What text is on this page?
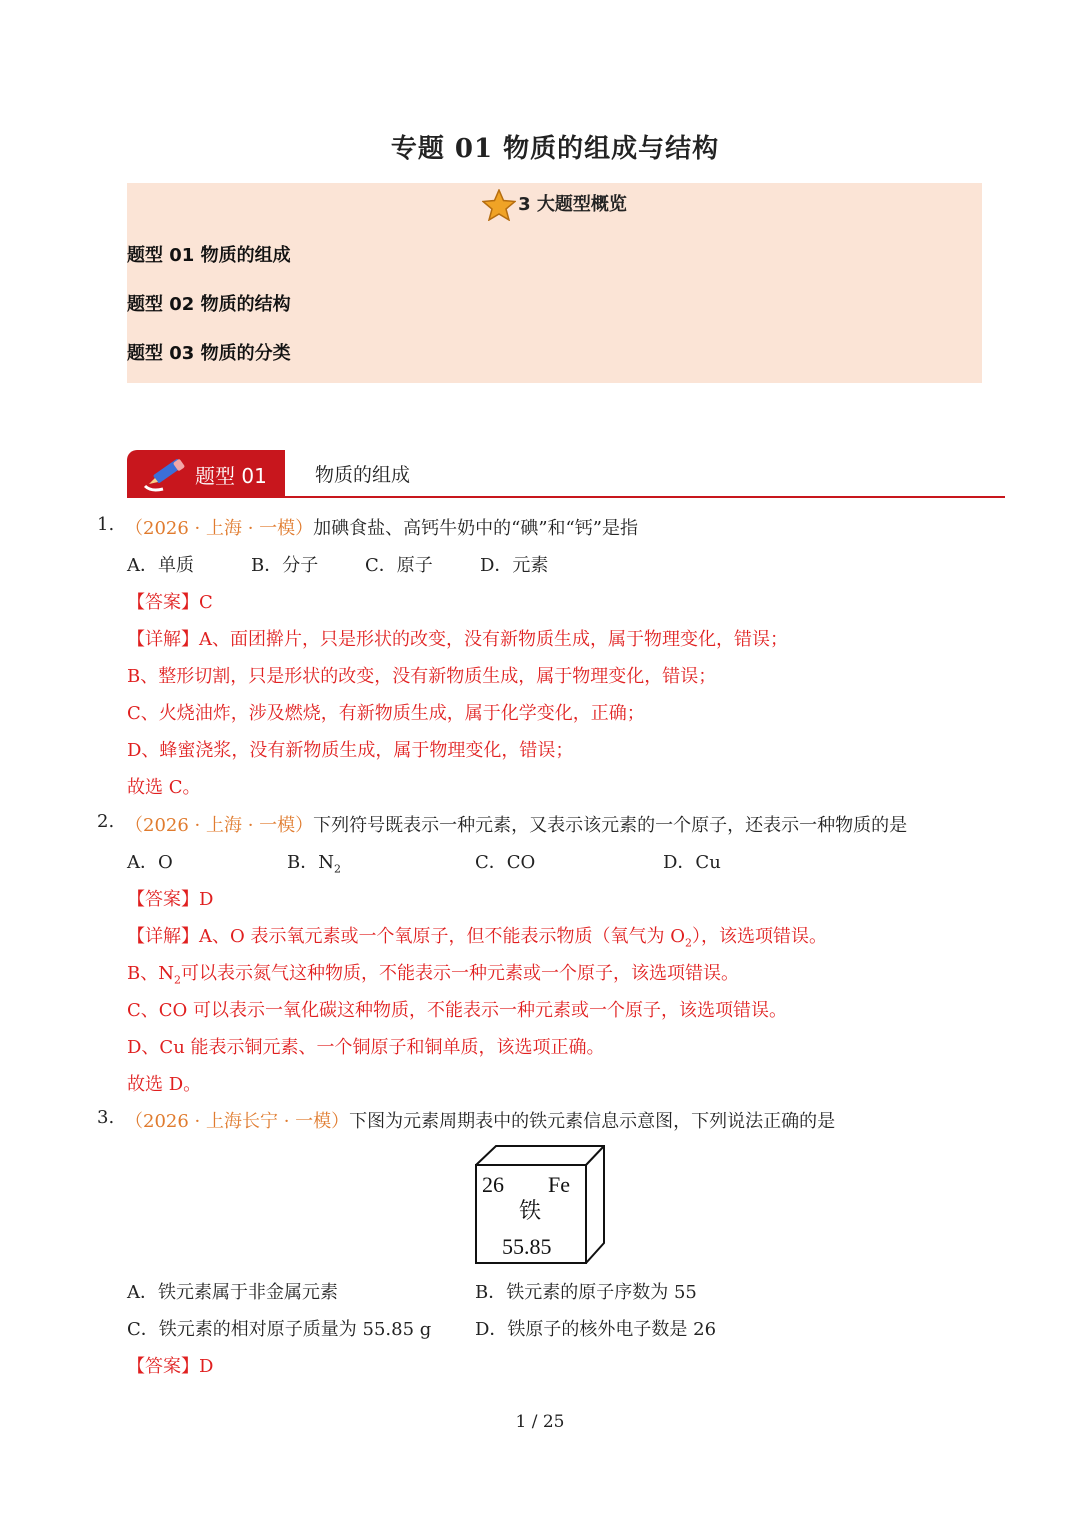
专题 01 物质的组成与结构
3 大题型概览
题型 01 物质的组成
题型 02 物质的结构
题型 03 物质的分类
题型 01	物质的组成
1. （2026 · 上海 · 一模）加碘食盐、高钙牛奶中的“碘”和“钙”是指
A．单质	B．分子	C．原子	D．元素
【答案】C
【详解】A、面团擀片，只是形状的改变，没有新物质生成，属于物理变化，错误；
B、整形切割，只是形状的改变，没有新物质生成，属于物理变化，错误；
C、火烧油炸，涉及燃烧，有新物质生成，属于化学变化，正确；
D、蜂蜜浇浆，没有新物质生成，属于物理变化，错误；
故选 C。
2. （2026 · 上海 · 一模）下列符号既表示一种元素，又表示该元素的一个原子，还表示一种物质的是
A．O	B．$N_2$	C．CO	D．Cu
【答案】D
【详解】A、O 表示氧元素或一个氧原子，但不能表示物质（氧气为 $O_2$），该选项错误。
B、$N_2$可以表示氮气这种物质，不能表示一种元素或一个原子，该选项错误。
C、CO 可以表示一氧化碳这种物质，不能表示一种元素或一个原子，该选项错误。
D、Cu 能表示铜元素、一个铜原子和铜单质，该选项正确。
故选 D。
3. （2026 · 上海长宁 · 一模）下图为元素周期表中的铁元素信息示意图，下列说法正确的是
26 Fe
铁
55.85
A．铁元素属于非金属元素	B．铁元素的原子序数为 55
C．铁元素的相对原子质量为 55.85 g D．铁原子的核外电子数是 26
【答案】D
1 / 25
